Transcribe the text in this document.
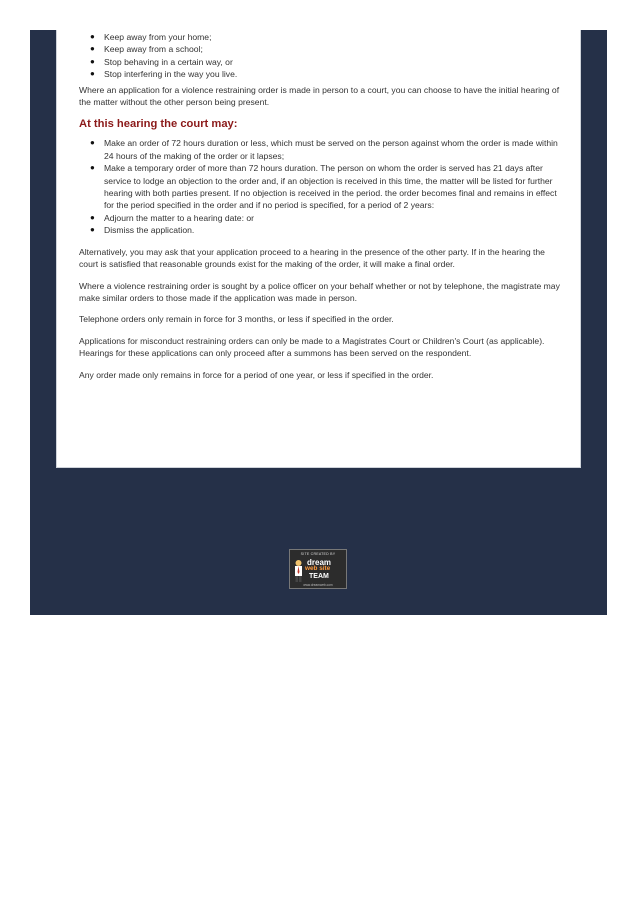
● Keep away from your home;
● Keep away from a school;
● Stop behaving in a certain way, or
● Stop interfering in the way you live.

Where an application for a violence restraining order is made in person to a court, you can choose to have the initial hearing of the matter without the other person being present.

At this hearing the court may:
● Make an order of 72 hours duration or less, which must be served on the person against whom the order is made within 24 hours of the making of the order or it lapses;
● Make a temporary order of more than 72 hours duration. The person on whom the order is served has 21 days after service to lodge an objection to the order and, if an objection is received in this time, the matter will be listed for further hearing with both parties present. If no objection is received in the period. the order becomes final and remains in effect for the period specified in the order and if no period is specified, for a period of 2 years:
● Adjourn the matter to a hearing date: or
● Dismiss the application.

Alternatively, you may ask that your application proceed to a hearing in the presence of the other party. If in the hearing the court is satisfied that reasonable grounds exist for the making of the order, it will make a final order.

Where a violence restraining order is sought by a police officer on your behalf whether or not by telephone, the magistrate may make similar orders to those made if the application was made in person.

Telephone orders only remain in force for 3 months, or less if specified in the order.

Applications for misconduct restraining orders can only be made to a Magistrates Court or Children's Court (as applicable). Hearings for these applications can only proceed after a summons has been served on the respondent.

Any order made only remains in force for a period of one year, or less if specified in the order.

SITE CREATED BY
dream
web site
TEAM
www.dreamweb.com
